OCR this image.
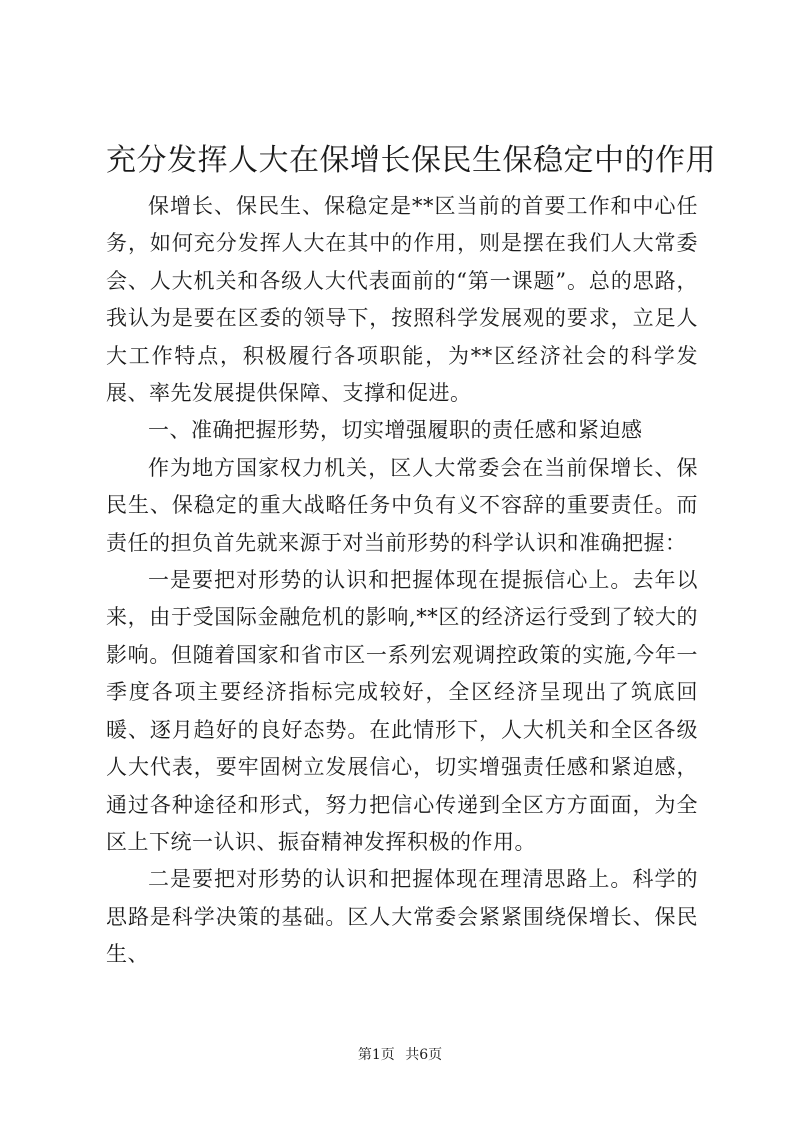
充分发挥人大在保增长保民生保稳定中的作用

保增长、保民生、保稳定是**区当前的首要工作和中心任务，如何充分发挥人大在其中的作用，则是摆在我们人大常委会、人大机关和各级人大代表面前的“第一课题”。总的思路，我认为是要在区委的领导下，按照科学发展观的要求，立足人大工作特点，积极履行各项职能，为**区经济社会的科学发展、率先发展提供保障、支撑和促进。

一、准确把握形势，切实增强履职的责任感和紧迫感

作为地方国家权力机关，区人大常委会在当前保增长、保民生、保稳定的重大战略任务中负有义不容辞的重要责任。而责任的担负首先就来源于对当前形势的科学认识和准确把握：

一是要把对形势的认识和把握体现在提振信心上。去年以来，由于受国际金融危机的影响,**区的经济运行受到了较大的影响。但随着国家和省市区一系列宏观调控政策的实施,今年一季度各项主要经济指标完成较好，全区经济呈现出了筑底回暖、逐月趋好的良好态势。在此情形下，人大机关和全区各级人大代表，要牢固树立发展信心，切实增强责任感和紧迫感，通过各种途径和形式，努力把信心传递到全区方方面面，为全区上下统一认识、振奋精神发挥积极的作用。

二是要把对形势的认识和把握体现在理清思路上。科学的思路是科学决策的基础。区人大常委会紧紧围绕保增长、保民生、

第1页 共6页
